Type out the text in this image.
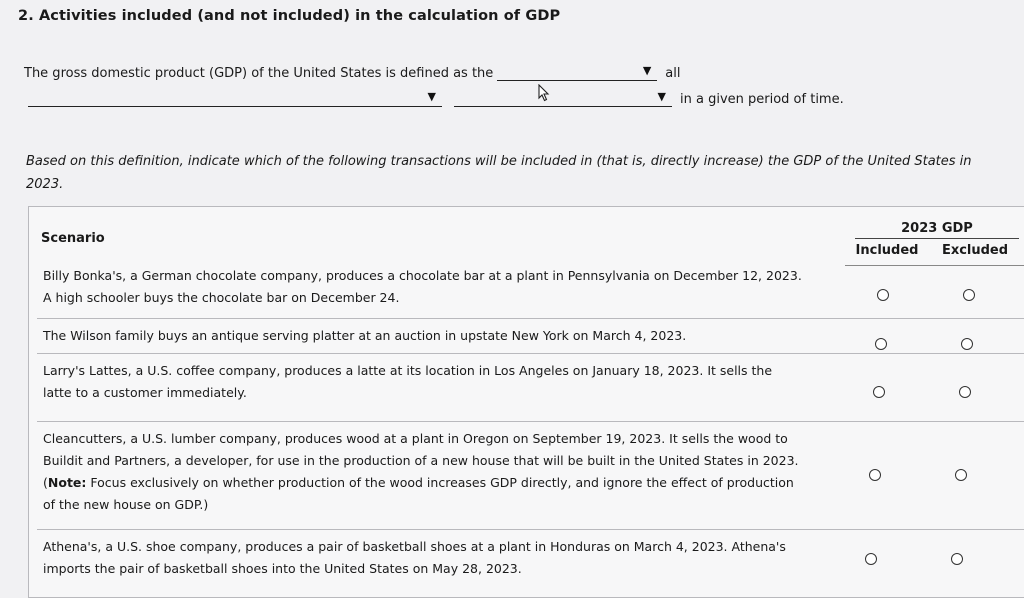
2. Activities included (and not included) in the calculation of GDP
The gross domestic product (GDP) of the United States is defined as the	▼ all
▼	▼ in a given period of time.
Based on this definition, indicate which of the following transactions will be included in (that is, directly increase) the GDP of the United States in 2023.
Scenario
2023 GDP
Included	Excluded
Billy Bonka's, a German chocolate company, produces a chocolate bar at a plant in Pennsylvania on December 12, 2023.
A high schooler buys the chocolate bar on December 24.
The Wilson family buys an antique serving platter at an auction in upstate New York on March 4, 2023.
Larry's Lattes, a U.S. coffee company, produces a latte at its location in Los Angeles on January 18, 2023. It sells the
latte to a customer immediately.
Cleancutters, a U.S. lumber company, produces wood at a plant in Oregon on September 19, 2023. It sells the wood to
Buildit and Partners, a developer, for use in the production of a new house that will be built in the United States in 2023.
(Note: Focus exclusively on whether production of the wood increases GDP directly, and ignore the effect of production
of the new house on GDP.)
Athena's, a U.S. shoe company, produces a pair of basketball shoes at a plant in Honduras on March 4, 2023. Athena's
imports the pair of basketball shoes into the United States on May 28, 2023.
